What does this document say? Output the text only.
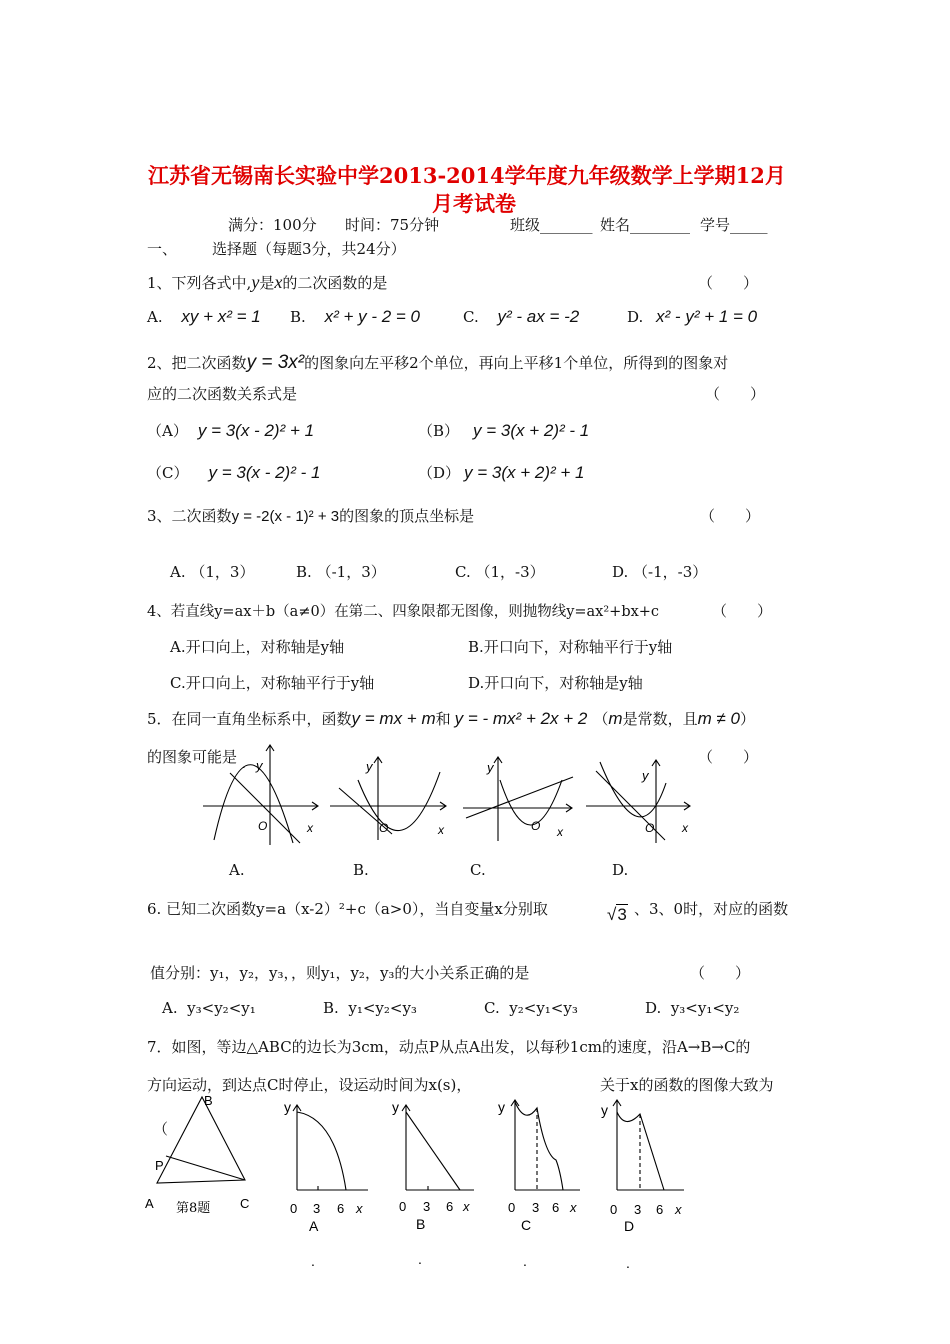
江苏省无锡南长实验中学2013-2014学年度九年级数学上学期12月
月考试卷
满分：100分 时间：75分钟	班级_______ 姓名________ 学号_____
一、 选择题（每题3分，共24分）
1、下列各式中,y是x的二次函数的是	（　　）
A. xy + x² = 1 B. x² + y - 2 = 0	C. y² - ax = -2	D. x² - y² + 1 = 0
2、把二次函数y = 3x²的图象向左平移2个单位，再向上平移1个单位，所得到的图象对
应的二次函数关系式是	（　　）
（A） y = 3(x - 2)² + 1	（B） y = 3(x + 2)² - 1
（C） y = 3(x - 2)² - 1	（D） y = 3(x + 2)² + 1
3、二次函数y = -2(x - 1)² + 3的图象的顶点坐标是	（　　）
A. （1，3）	B. （-1，3）	C. （1，-3）	D. （-1，-3）
4、若直线y=ax＋b（a≠0）在第二、四象限都无图像，则抛物线y=ax²+bx+c	（　　）
A.开口向上，对称轴是y轴	B.开口向下，对称轴平行于y轴
C.开口向上，对称轴平行于y轴	D.开口向下，对称轴是y轴
5．在同一直角坐标系中，函数y = mx + m和 y = - mx² + 2x + 2 （m是常数，且m ≠ 0）
的图象可能是	（　　）
y
.
O	x
y
O	x
y
O x
y
O x
A.	B.	C.	D.
6. 已知二次函数y=a（x-2）²+c（a>0），当自变量x分别取	√3 、3、0时，对应的函数
值分别：y₁，y₂，y₃，，则y₁，y₂，y₃的大小关系正确的是	（　　）
A. y₃<y₂<y₁	B. y₁<y₂<y₃	C. y₂<y₁<y₃	D. y₃<y₁<y₂
7．如图，等边△ABC的边长为3cm，动点P从点A出发，以每秒1cm的速度，沿A→B→C的
方向运动，到达点C时停止，设运动时间为x(s)，	关于x的函数的图像大致为
（
B
P
A	C
第8题
y
0 3 6 x
A
.
y
0 3 6 x
B
.
y
0 3 6 x
C
.
y
0 3 6 x
D
.
